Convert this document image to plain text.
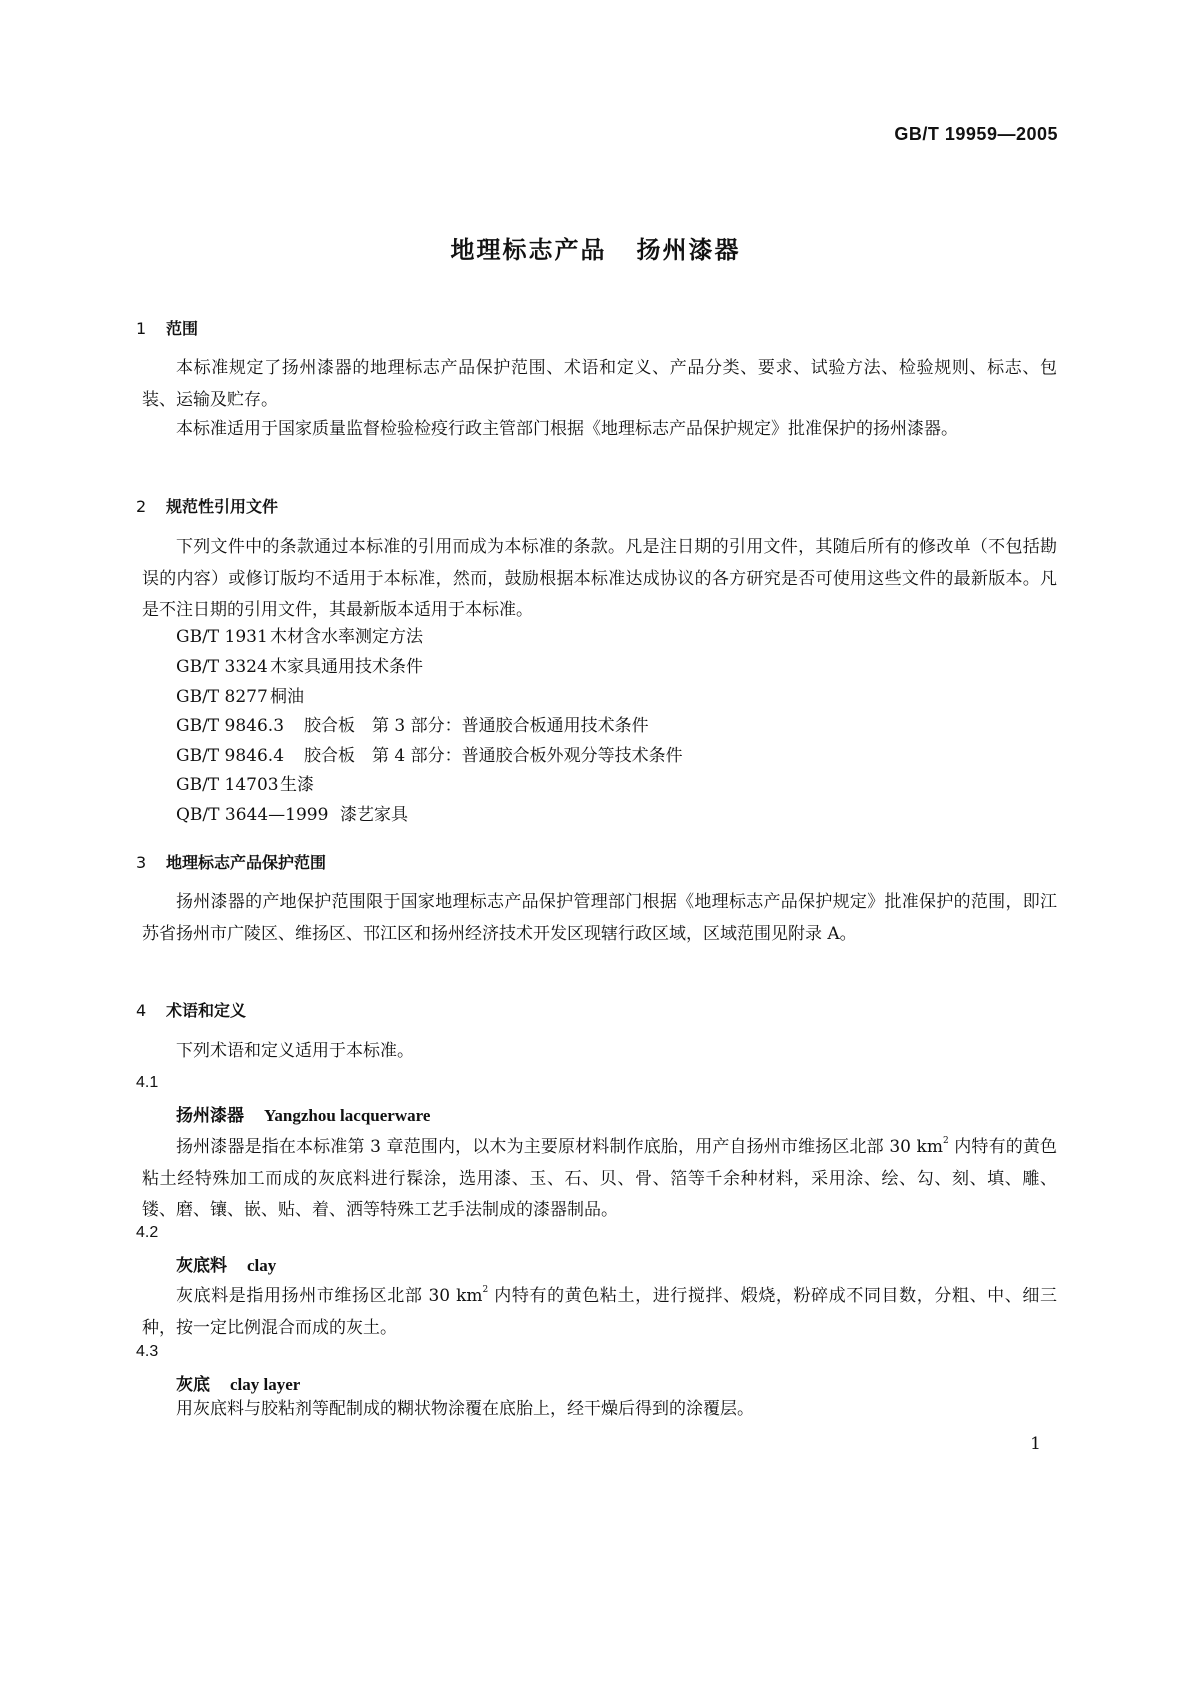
GB/T 19959—2005
地理标志产品 扬州漆器
1 范围
本标准规定了扬州漆器的地理标志产品保护范围、术语和定义、产品分类、要求、试验方法、检验规则、标志、包装、运输及贮存。
本标准适用于国家质量监督检验检疫行政主管部门根据《地理标志产品保护规定》批准保护的扬州漆器。
2 规范性引用文件
下列文件中的条款通过本标准的引用而成为本标准的条款。凡是注日期的引用文件，其随后所有的修改单（不包括勘误的内容）或修订版均不适用于本标准，然而，鼓励根据本标准达成协议的各方研究是否可使用这些文件的最新版本。凡是不注日期的引用文件，其最新版本适用于本标准。
GB/T 1931 木材含水率测定方法
GB/T 3324 木家具通用技术条件
GB/T 8277 桐油
GB/T 9846.3 胶合板　第 3 部分：普通胶合板通用技术条件
GB/T 9846.4 胶合板　第 4 部分：普通胶合板外观分等技术条件
GB/T 14703生漆
QB/T 3644—1999 漆艺家具
3 地理标志产品保护范围
扬州漆器的产地保护范围限于国家地理标志产品保护管理部门根据《地理标志产品保护规定》批准保护的范围，即江苏省扬州市广陵区、维扬区、邗江区和扬州经济技术开发区现辖行政区域，区域范围见附录 A。
4 术语和定义
下列术语和定义适用于本标准。
4.1
扬州漆器 Yangzhou lacquerware
扬州漆器是指在本标准第 3 章范围内，以木为主要原材料制作底胎，用产自扬州市维扬区北部 30 $km^2$ 内特有的黄色粘土经特殊加工而成的灰底料进行髹涂，选用漆、玉、石、贝、骨、箔等千余种材料，采用涂、绘、勾、刻、填、雕、镂、磨、镶、嵌、贴、着、洒等特殊工艺手法制成的漆器制品。
4.2
灰底料 clay
灰底料是指用扬州市维扬区北部 30 $km^2$ 内特有的黄色粘土，进行搅拌、煅烧，粉碎成不同目数，分粗、中、细三种，按一定比例混合而成的灰土。
4.3
灰底 clay layer
用灰底料与胶粘剂等配制成的糊状物涂覆在底胎上，经干燥后得到的涂覆层。
1
